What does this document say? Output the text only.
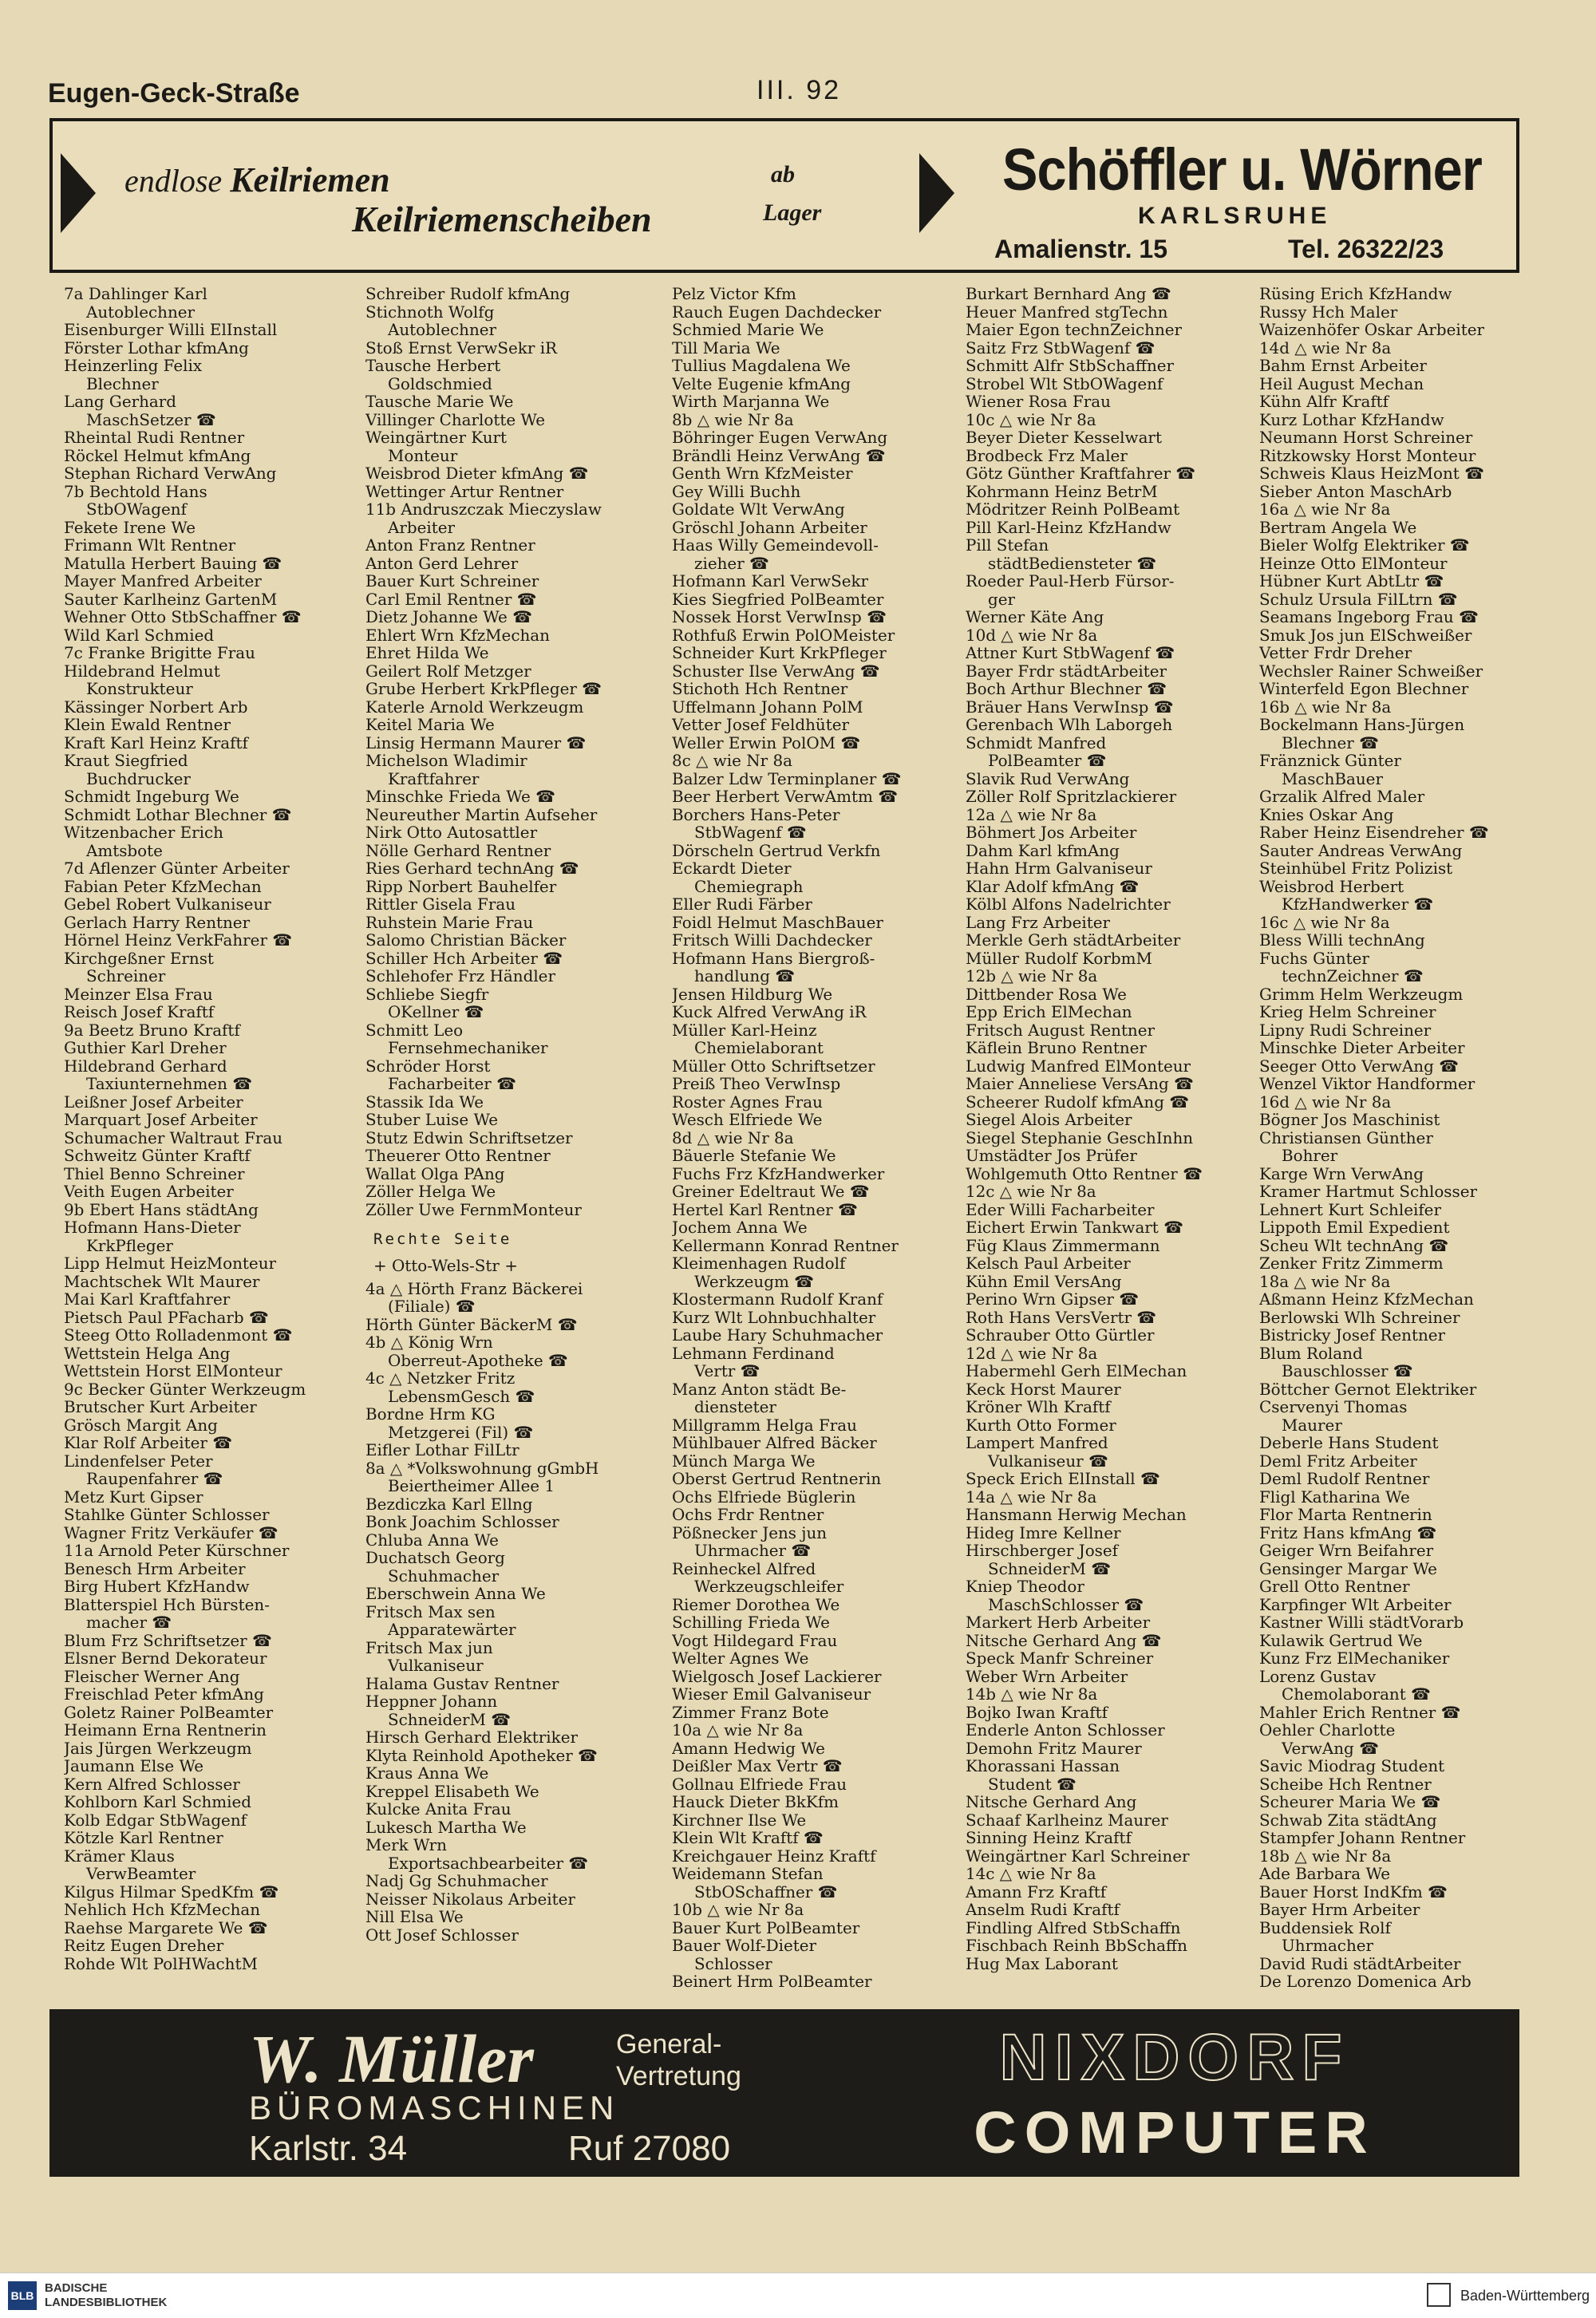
Eugen-Geck-Straße	III. 92
endlose Keilriemen
Keilriemenscheiben
ab
Lager
Schöffler u. Wörner
KARLSRUHE
Amalienstr. 15	Tel. 26322/23
7a Dahlinger Karl
Autoblechner
Eisenburger Willi ElInstall
Förster Lothar kfmAng
Heinzerling Felix
Blechner
Lang Gerhard
MaschSetzer ☎
Rheintal Rudi Rentner
Röckel Helmut kfmAng
Stephan Richard VerwAng
7b Bechtold Hans
StbOWagenf
Fekete Irene We
Frimann Wlt Rentner
Matulla Herbert Bauing ☎
Mayer Manfred Arbeiter
Sauter Karlheinz GartenM
Wehner Otto StbSchaffner ☎
Wild Karl Schmied
7c Franke Brigitte Frau
Hildebrand Helmut
Konstrukteur
Kässinger Norbert Arb
Klein Ewald Rentner
Kraft Karl Heinz Kraftf
Kraut Siegfried
Buchdrucker
Schmidt Ingeburg We
Schmidt Lothar Blechner ☎
Witzenbacher Erich
Amtsbote
7d Aflenzer Günter Arbeiter
Fabian Peter KfzMechan
Gebel Robert Vulkaniseur
Gerlach Harry Rentner
Hörnel Heinz VerkFahrer ☎
Kirchgeßner Ernst
Schreiner
Meinzer Elsa Frau
Reisch Josef Kraftf
9a Beetz Bruno Kraftf
Guthier Karl Dreher
Hildebrand Gerhard
Taxiunternehmen ☎
Leißner Josef Arbeiter
Marquart Josef Arbeiter
Schumacher Waltraut Frau
Schweitz Günter Kraftf
Thiel Benno Schreiner
Veith Eugen Arbeiter
9b Ebert Hans städtAng
Hofmann Hans-Dieter
KrkPfleger
Lipp Helmut HeizMonteur
Machtschek Wlt Maurer
Mai Karl Kraftfahrer
Pietsch Paul PFacharb ☎
Steeg Otto Rolladenmont ☎
Wettstein Helga Ang
Wettstein Horst ElMonteur
9c Becker Günter Werkzeugm
Brutscher Kurt Arbeiter
Grösch Margit Ang
Klar Rolf Arbeiter ☎
Lindenfelser Peter
Raupenfahrer ☎
Metz Kurt Gipser
Stahlke Günter Schlosser
Wagner Fritz Verkäufer ☎
11a Arnold Peter Kürschner
Benesch Hrm Arbeiter
Birg Hubert KfzHandw
Blatterspiel Hch Bürsten-
macher ☎
Blum Frz Schriftsetzer ☎
Elsner Bernd Dekorateur
Fleischer Werner Ang
Freischlad Peter kfmAng
Goletz Rainer PolBeamter
Heimann Erna Rentnerin
Jais Jürgen Werkzeugm
Jaumann Else We
Kern Alfred Schlosser
Kohlborn Karl Schmied
Kolb Edgar StbWagenf
Kötzle Karl Rentner
Krämer Klaus
VerwBeamter
Kilgus Hilmar SpedKfm ☎
Nehlich Hch KfzMechan
Raehse Margarete We ☎
Reitz Eugen Dreher
Rohde Wlt PolHWachtM
Schreiber Rudolf kfmAng
Stichnoth Wolfg
Autoblechner
Stoß Ernst VerwSekr iR
Tausche Herbert
Goldschmied
Tausche Marie We
Villinger Charlotte We
Weingärtner Kurt
Monteur
Weisbrod Dieter kfmAng ☎
Wettinger Artur Rentner
11b Andruszczak Mieczyslaw
Arbeiter
Anton Franz Rentner
Anton Gerd Lehrer
Bauer Kurt Schreiner
Carl Emil Rentner ☎
Dietz Johanne We ☎
Ehlert Wrn KfzMechan
Ehret Hilda We
Geilert Rolf Metzger
Grube Herbert KrkPfleger ☎
Katerle Arnold Werkzeugm
Keitel Maria We
Linsig Hermann Maurer ☎
Michelson Wladimir
Kraftfahrer
Minschke Frieda We ☎
Neureuther Martin Aufseher
Nirk Otto Autosattler
Nölle Gerhard Rentner
Ries Gerhard technAng ☎
Ripp Norbert Bauhelfer
Rittler Gisela Frau
Ruhstein Marie Frau
Salomo Christian Bäcker
Schiller Hch Arbeiter ☎
Schlehofer Frz Händler
Schliebe Siegfr
OKellner ☎
Schmitt Leo
Fernsehmechaniker
Schröder Horst
Facharbeiter ☎
Stassik Ida We
Stuber Luise We
Stutz Edwin Schriftsetzer
Theuerer Otto Rentner
Wallat Olga PAng
Zöller Helga We
Zöller Uwe FernmMonteur
Rechte Seite
+ Otto-Wels-Str +
4a △ Hörth Franz Bäckerei
(Filiale) ☎
Hörth Günter BäckerM ☎
4b △ König Wrn
Oberreut-Apotheke ☎
4c △ Netzker Fritz
LebensmGesch ☎
Bordne Hrm KG
Metzgerei (Fil) ☎
Eifler Lothar FilLtr
8a △ *Volkswohnung gGmbH
Beiertheimer Allee 1
Bezdiczka Karl Ellng
Bonk Joachim Schlosser
Chluba Anna We
Duchatsch Georg
Schuhmacher
Eberschwein Anna We
Fritsch Max sen
Apparatewärter
Fritsch Max jun
Vulkaniseur
Halama Gustav Rentner
Heppner Johann
SchneiderM ☎
Hirsch Gerhard Elektriker
Klyta Reinhold Apotheker ☎
Kraus Anna We
Kreppel Elisabeth We
Kulcke Anita Frau
Lukesch Martha We
Merk Wrn
Exportsachbearbeiter ☎
Nadj Gg Schuhmacher
Neisser Nikolaus Arbeiter
Nill Elsa We
Ott Josef Schlosser
Pelz Victor Kfm
Rauch Eugen Dachdecker
Schmied Marie We
Till Maria We
Tullius Magdalena We
Velte Eugenie kfmAng
Wirth Marjanna We
8b △ wie Nr 8a
Böhringer Eugen VerwAng
Brändli Heinz VerwAng ☎
Genth Wrn KfzMeister
Gey Willi Buchh
Goldate Wlt VerwAng
Gröschl Johann Arbeiter
Haas Willy Gemeindevoll-
zieher ☎
Hofmann Karl VerwSekr
Kies Siegfried PolBeamter
Nossek Horst VerwInsp ☎
Rothfuß Erwin PolOMeister
Schneider Kurt KrkPfleger
Schuster Ilse VerwAng ☎
Stichoth Hch Rentner
Uffelmann Johann PolM
Vetter Josef Feldhüter
Weller Erwin PolOM ☎
8c △ wie Nr 8a
Balzer Ldw Terminplaner ☎
Beer Herbert VerwAmtm ☎
Borchers Hans-Peter
StbWagenf ☎
Dörscheln Gertrud Verkfn
Eckardt Dieter
Chemiegraph
Eller Rudi Färber
Foidl Helmut MaschBauer
Fritsch Willi Dachdecker
Hofmann Hans Biergroß-
handlung ☎
Jensen Hildburg We
Kuck Alfred VerwAng iR
Müller Karl-Heinz
Chemielaborant
Müller Otto Schriftsetzer
Preiß Theo VerwInsp
Roster Agnes Frau
Wesch Elfriede We
8d △ wie Nr 8a
Bäuerle Stefanie We
Fuchs Frz KfzHandwerker
Greiner Edeltraut We ☎
Hertel Karl Rentner ☎
Jochem Anna We
Kellermann Konrad Rentner
Kleimenhagen Rudolf
Werkzeugm ☎
Klostermann Rudolf Kranf
Kurz Wlt Lohnbuchhalter
Laube Hary Schuhmacher
Lehmann Ferdinand
Vertr ☎
Manz Anton städt Be-
diensteter
Millgramm Helga Frau
Mühlbauer Alfred Bäcker
Münch Marga We
Oberst Gertrud Rentnerin
Ochs Elfriede Büglerin
Ochs Frdr Rentner
Pößnecker Jens jun
Uhrmacher ☎
Reinheckel Alfred
Werkzeugschleifer
Riemer Dorothea We
Schilling Frieda We
Vogt Hildegard Frau
Welter Agnes We
Wielgosch Josef Lackierer
Wieser Emil Galvaniseur
Zimmer Franz Bote
10a △ wie Nr 8a
Amann Hedwig We
Deißler Max Vertr ☎
Gollnau Elfriede Frau
Hauck Dieter BkKfm
Kirchner Ilse We
Klein Wlt Kraftf ☎
Kreichgauer Heinz Kraftf
Weidemann Stefan
StbOSchaffner ☎
10b △ wie Nr 8a
Bauer Kurt PolBeamter
Bauer Wolf-Dieter
Schlosser
Beinert Hrm PolBeamter
Burkart Bernhard Ang ☎
Heuer Manfred stgTechn
Maier Egon technZeichner
Saitz Frz StbWagenf ☎
Schmitt Alfr StbSchaffner
Strobel Wlt StbOWagenf
Wiener Rosa Frau
10c △ wie Nr 8a
Beyer Dieter Kesselwart
Brodbeck Frz Maler
Götz Günther Kraftfahrer ☎
Kohrmann Heinz BetrM
Mödritzer Reinh PolBeamt
Pill Karl-Heinz KfzHandw
Pill Stefan
städtBediensteter ☎
Roeder Paul-Herb Fürsor-
ger
Werner Käte Ang
10d △ wie Nr 8a
Attner Kurt StbWagenf ☎
Bayer Frdr städtArbeiter
Boch Arthur Blechner ☎
Bräuer Hans VerwInsp ☎
Gerenbach Wlh Laborgeh
Schmidt Manfred
PolBeamter ☎
Slavik Rud VerwAng
Zöller Rolf Spritzlackierer
12a △ wie Nr 8a
Böhmert Jos Arbeiter
Dahm Karl kfmAng
Hahn Hrm Galvaniseur
Klar Adolf kfmAng ☎
Kölbl Alfons Nadelrichter
Lang Frz Arbeiter
Merkle Gerh städtArbeiter
Müller Rudolf KorbmM
12b △ wie Nr 8a
Dittbender Rosa We
Epp Erich ElMechan
Fritsch August Rentner
Käflein Bruno Rentner
Ludwig Manfred ElMonteur
Maier Anneliese VersAng ☎
Scheerer Rudolf kfmAng ☎
Siegel Alois Arbeiter
Siegel Stephanie GeschInhn
Umstädter Jos Prüfer
Wohlgemuth Otto Rentner ☎
12c △ wie Nr 8a
Eder Willi Facharbeiter
Eichert Erwin Tankwart ☎
Füg Klaus Zimmermann
Kelsch Paul Arbeiter
Kühn Emil VersAng
Perino Wrn Gipser ☎
Roth Hans VersVertr ☎
Schrauber Otto Gürtler
12d △ wie Nr 8a
Habermehl Gerh ElMechan
Keck Horst Maurer
Kröner Wlh Kraftf
Kurth Otto Former
Lampert Manfred
Vulkaniseur ☎
Speck Erich ElInstall ☎
14a △ wie Nr 8a
Hansmann Herwig Mechan
Hideg Imre Kellner
Hirschberger Josef
SchneiderM ☎
Kniep Theodor
MaschSchlosser ☎
Markert Herb Arbeiter
Nitsche Gerhard Ang ☎
Speck Manfr Schreiner
Weber Wrn Arbeiter
14b △ wie Nr 8a
Bojko Iwan Kraftf
Enderle Anton Schlosser
Demohn Fritz Maurer
Khorassani Hassan
Student ☎
Nitsche Gerhard Ang
Schaaf Karlheinz Maurer
Sinning Heinz Kraftf
Weingärtner Karl Schreiner
14c △ wie Nr 8a
Amann Frz Kraftf
Anselm Rudi Kraftf
Findling Alfred StbSchaffn
Fischbach Reinh BbSchaffn
Hug Max Laborant
Rüsing Erich KfzHandw
Russy Hch Maler
Waizenhöfer Oskar Arbeiter
14d △ wie Nr 8a
Bahm Ernst Arbeiter
Heil August Mechan
Kühn Alfr Kraftf
Kurz Lothar KfzHandw
Neumann Horst Schreiner
Ritzkowsky Horst Monteur
Schweis Klaus HeizMont ☎
Sieber Anton MaschArb
16a △ wie Nr 8a
Bertram Angela We
Bieler Wolfg Elektriker ☎
Heinze Otto ElMonteur
Hübner Kurt AbtLtr ☎
Schulz Ursula FilLtrn ☎
Seamans Ingeborg Frau ☎
Smuk Jos jun ElSchweißer
Vetter Frdr Dreher
Wechsler Rainer Schweißer
Winterfeld Egon Blechner
16b △ wie Nr 8a
Bockelmann Hans-Jürgen
Blechner ☎
Fränznick Günter
MaschBauer
Grzalik Alfred Maler
Knies Oskar Ang
Raber Heinz Eisendreher ☎
Sauter Andreas VerwAng
Steinhübel Fritz Polizist
Weisbrod Herbert
KfzHandwerker ☎
16c △ wie Nr 8a
Bless Willi technAng
Fuchs Günter
technZeichner ☎
Grimm Helm Werkzeugm
Krieg Helm Schreiner
Lipny Rudi Schreiner
Minschke Dieter Arbeiter
Seeger Otto VerwAng ☎
Wenzel Viktor Handformer
16d △ wie Nr 8a
Bögner Jos Maschinist
Christiansen Günther
Bohrer
Karge Wrn VerwAng
Kramer Hartmut Schlosser
Lehnert Kurt Schleifer
Lippoth Emil Expedient
Scheu Wlt technAng ☎
Zenker Fritz Zimmerm
18a △ wie Nr 8a
Aßmann Heinz KfzMechan
Berlowski Wlh Schreiner
Bistricky Josef Rentner
Blum Roland
Bauschlosser ☎
Böttcher Gernot Elektriker
Cservenyi Thomas
Maurer
Deberle Hans Student
Deml Fritz Arbeiter
Deml Rudolf Rentner
Fligl Katharina We
Flor Marta Rentnerin
Fritz Hans kfmAng ☎
Geiger Wrn Beifahrer
Gensinger Margar We
Grell Otto Rentner
Karpfinger Wlt Arbeiter
Kastner Willi städtVorarb
Kulawik Gertrud We
Kunz Frz ElMechaniker
Lorenz Gustav
Chemolaborant ☎
Mahler Erich Rentner ☎
Oehler Charlotte
VerwAng ☎
Savic Miodrag Student
Scheibe Hch Rentner
Scheurer Maria We ☎
Schwab Zita städtAng
Stampfer Johann Rentner
18b △ wie Nr 8a
Ade Barbara We
Bauer Horst IndKfm ☎
Bayer Hrm Arbeiter
Buddensiek Rolf
Uhrmacher
David Rudi städtArbeiter
De Lorenzo Domenica Arb
W. Müller	General-
Vertretung
BÜROMASCHINEN
Karlstr. 34	Ruf 27080
NIXDORF
COMPUTER
BLB
BADISCHE
LANDESBIBLIOTHEK	Baden-Württemberg
